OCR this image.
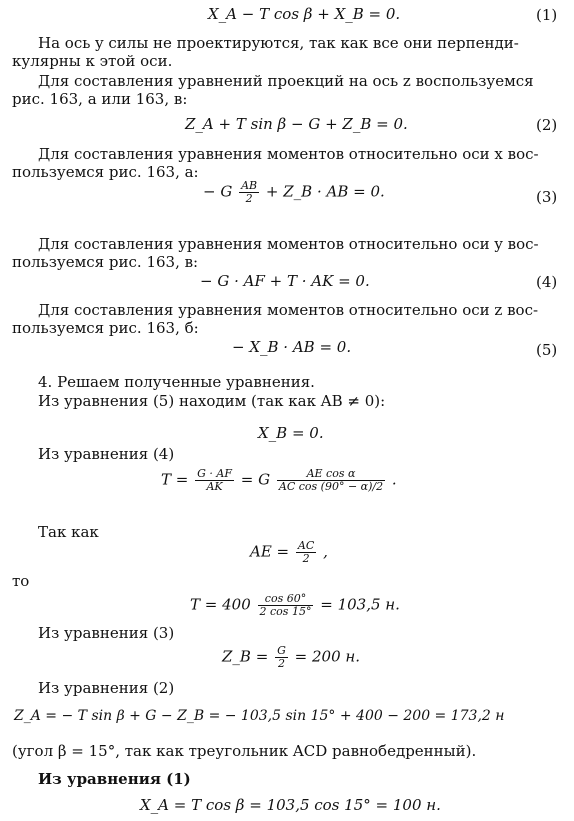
X_A − T cos β + X_B = 0.	(1)
На ось y силы не проектируются, так как все они перпенди-
кулярны к этой оси.
Для составления уравнений проекций на ось z воспользуемся
рис. 163, a или 163, в:
Z_A + T sin β − G + Z_B = 0.	(2)
Для составления уравнения моментов относительно оси x вос-
пользуемся рис. 163, a:
− G $\frac{AB}{2}$ + Z_B · AB = 0.	(3)
Для составления уравнения моментов относительно оси y вос-
пользуемся рис. 163, в:
− G · AF + T · AK = 0.	(4)
Для составления уравнения моментов относительно оси z вос-
пользуемся рис. 163, б:
− X_B · AB = 0.	(5)
4. Решаем полученные уравнения.
Из уравнения (5) находим (так как AB ≠ 0):
X_B = 0.
Из уравнения (4)
$T = \frac{G \cdot AF}{AK} = G \frac{\text{AE cos α}}{\text{AC cos (90° − α)/2}}$ .
Так как
AE = $\frac{AC}{2}$ ,
то
$T = 400 \frac{\cos 60^\circ}{2 \cos 15^\circ} = 103,5$ н.
Из уравнения (3)
Z_B = $\frac{G}{2} = 200$ н.
Из уравнения (2)
Z_A = − T sin β + G − Z_B = − 103,5 sin 15° + 400 − 200 = 173,2 н
(угол β = 15°, так как треугольник ACD равнобедренный).
Из уравнения (1)
X_A = T cos β = 103,5 cos 15° = 100 н.
